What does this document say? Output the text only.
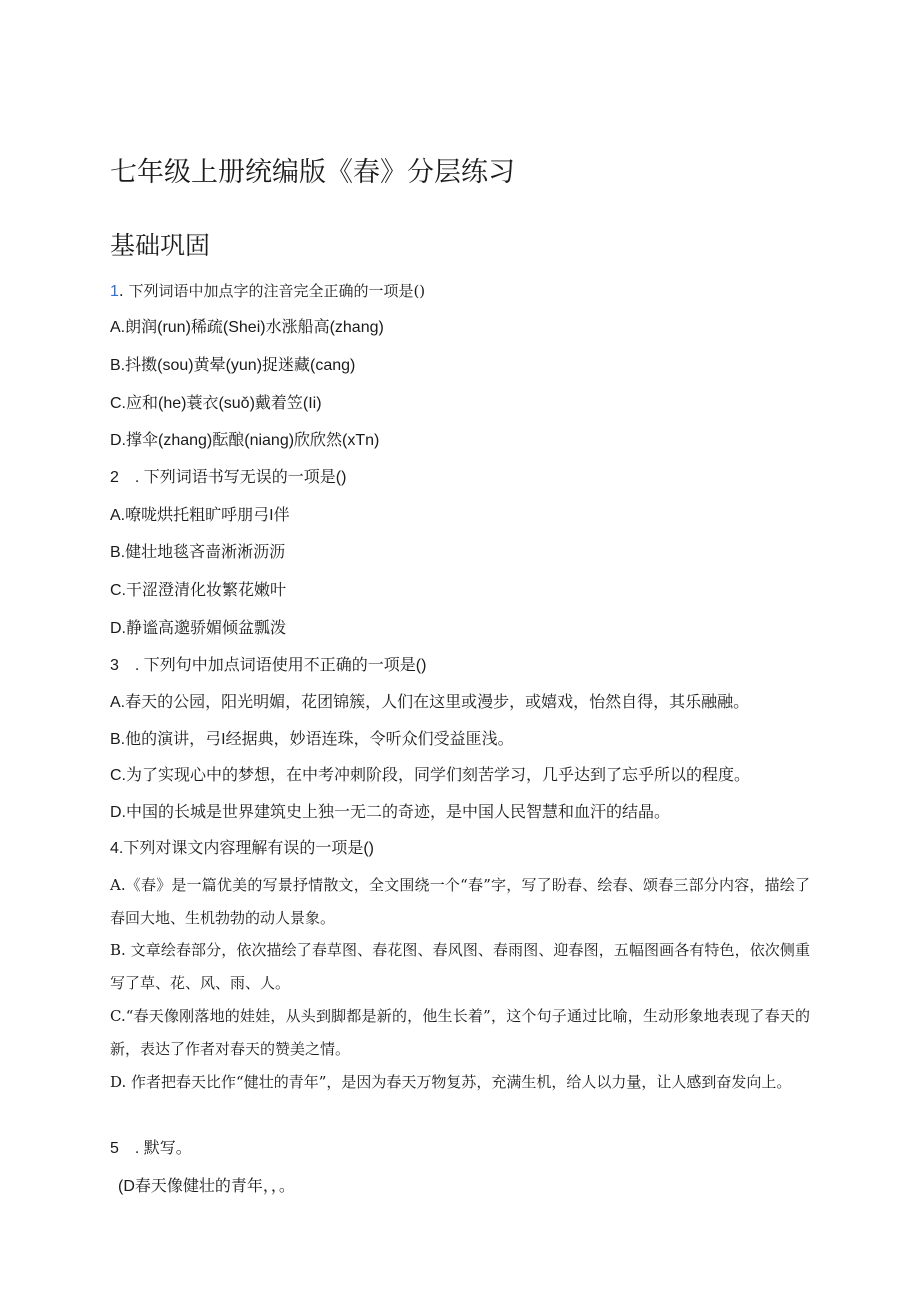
七年级上册统编版《春》分层练习
基础巩固
1. 下列词语中加点字的注音完全正确的一项是()
A.朗润(run)稀疏(Shei)水涨船高(zhang)
B.抖擞(sou)黄晕(yun)捉迷藏(cang)
C.应和(he)蓑衣(suǒ)戴着笠(Ii)
D.撑伞(zhang)酝酿(niang)欣欣然(xTn)
2　. 下列词语书写无误的一项是()
A.嘹咙烘托粗旷呼朋弓I伴
B.健壮地毯吝啬淅淅沥沥
C.干涩澄清化妆繁花嫩叶
D.静谧高邈骄媚倾盆瓢泼
3　. 下列句中加点词语使用不正确的一项是()
A.春天的公园，阳光明媚，花团锦簇，人们在这里或漫步，或嬉戏，怡然自得，其乐融融。
B.他的演讲，弓I经据典，妙语连珠，令听众们受益匪浅。
C.为了实现心中的梦想，在中考冲刺阶段，同学们刻苦学习，几乎达到了忘乎所以的程度。
D.中国的长城是世界建筑史上独一无二的奇迹，是中国人民智慧和血汗的结晶。
4.下列对课文内容理解有误的一项是()
A.《春》是一篇优美的写景抒情散文，全文围绕一个“春”字，写了盼春、绘春、颂春三部分内容，描绘了春回大地、生机勃勃的动人景象。
B. 文章绘春部分，依次描绘了春草图、春花图、春风图、春雨图、迎春图，五幅图画各有特色，依次侧重写了草、花、风、雨、人。
C.“春天像刚落地的娃娃，从头到脚都是新的，他生长着”，这个句子通过比喻，生动形象地表现了春天的新，表达了作者对春天的赞美之情。
D. 作者把春天比作“健壮的青年”，是因为春天万物复苏，充满生机，给人以力量，让人感到奋发向上。
5　. 默写。
(D春天像健壮的青年，，。
